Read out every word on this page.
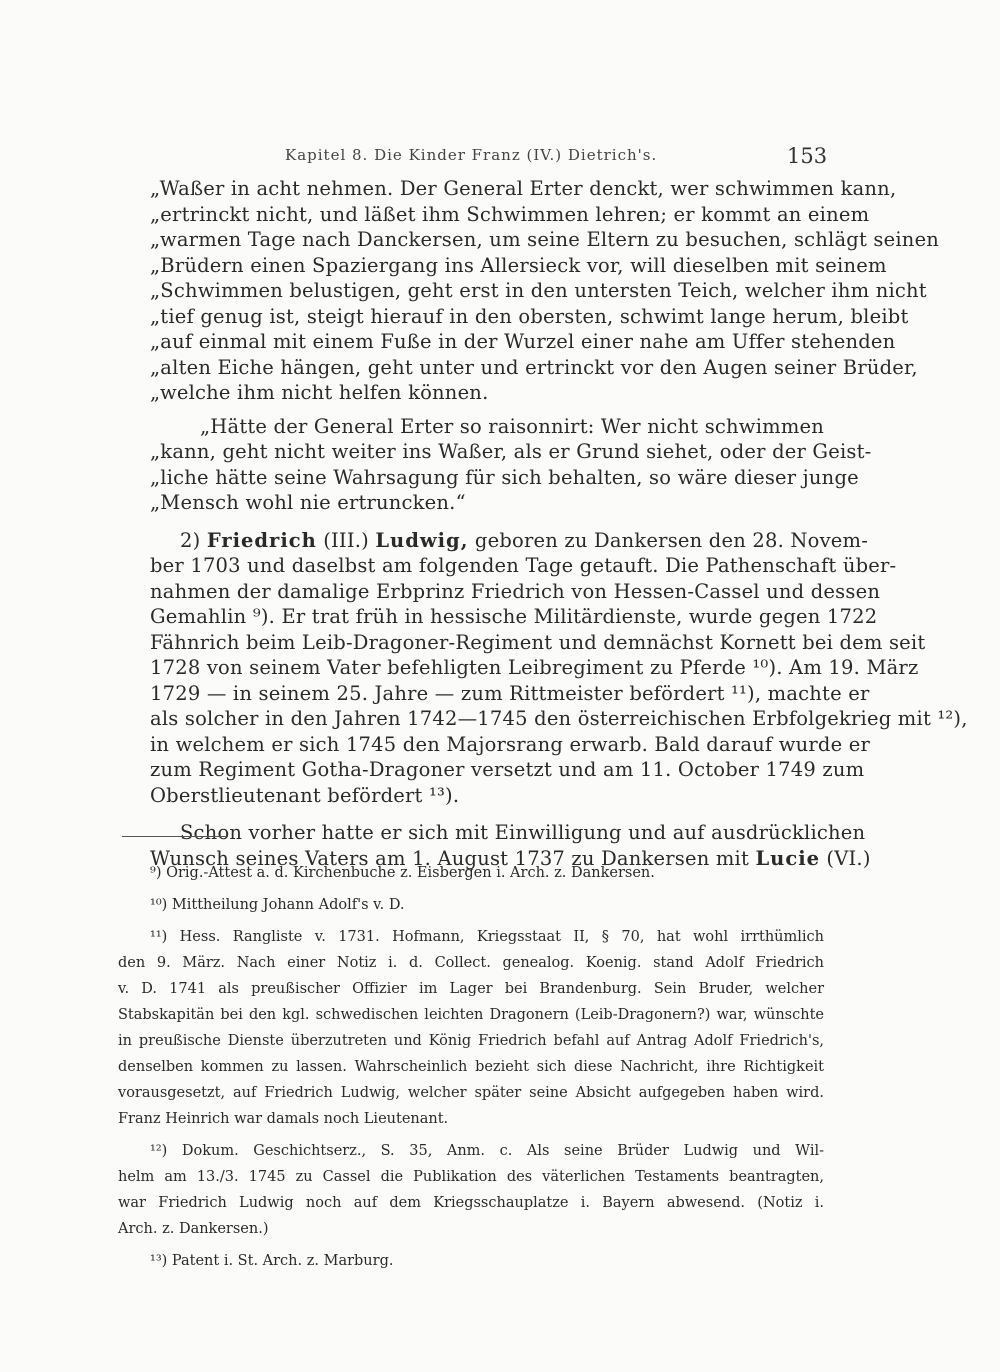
Kapitel 8. Die Kinder Franz (IV.) Dietrich's.	153
„Waßer in acht nehmen. Der General Erter denckt, wer schwimmen kann,
„ertrinckt nicht, und läßet ihm Schwimmen lehren; er kommt an einem
„warmen Tage nach Danckersen, um seine Eltern zu besuchen, schlägt seinen
„Brüdern einen Spaziergang ins Allersieck vor, will dieselben mit seinem
„Schwimmen belustigen, geht erst in den untersten Teich, welcher ihm nicht
„tief genug ist, steigt hierauf in den obersten, schwimt lange herum, bleibt
„auf einmal mit einem Fuße in der Wurzel einer nahe am Uffer stehenden
„alten Eiche hängen, geht unter und ertrinckt vor den Augen seiner Brüder,
„welche ihm nicht helfen können.
„Hätte der General Erter so raisonnirt: Wer nicht schwimmen
„kann, geht nicht weiter ins Waßer, als er Grund siehet, oder der Geist-
„liche hätte seine Wahrsagung für sich behalten, so wäre dieser junge
„Mensch wohl nie ertruncken.“
2) Friedrich (III.) Ludwig, geboren zu Dankersen den 28. Novem-
ber 1703 und daselbst am folgenden Tage getauft. Die Pathenschaft über-
nahmen der damalige Erbprinz Friedrich von Hessen-Cassel und dessen
Gemahlin ⁹). Er trat früh in hessische Militärdienste, wurde gegen 1722
Fähnrich beim Leib-Dragoner-Regiment und demnächst Kornett bei dem seit
1728 von seinem Vater befehligten Leibregiment zu Pferde ¹⁰). Am 19. März
1729 — in seinem 25. Jahre — zum Rittmeister befördert ¹¹), machte er
als solcher in den Jahren 1742—1745 den österreichischen Erbfolgekrieg mit ¹²),
in welchem er sich 1745 den Majorsrang erwarb. Bald darauf wurde er
zum Regiment Gotha-Dragoner versetzt und am 11. October 1749 zum
Oberstlieutenant befördert ¹³).
Schon vorher hatte er sich mit Einwilligung und auf ausdrücklichen
Wunsch seines Vaters am 1. August 1737 zu Dankersen mit Lucie (VI.)
⁹) Orig.-Attest a. d. Kirchenbuche z. Eisbergen i. Arch. z. Dankersen.
¹⁰) Mittheilung Johann Adolf's v. D.
¹¹) Hess. Rangliste v. 1731. Hofmann, Kriegsstaat II, § 70, hat wohl irrthümlich
den 9. März. Nach einer Notiz i. d. Collect. genealog. Koenig. stand Adolf Friedrich
v. D. 1741 als preußischer Offizier im Lager bei Brandenburg. Sein Bruder, welcher
Stabskapitän bei den kgl. schwedischen leichten Dragonern (Leib-Dragonern?) war, wünschte
in preußische Dienste überzutreten und König Friedrich befahl auf Antrag Adolf Friedrich's,
denselben kommen zu lassen. Wahrscheinlich bezieht sich diese Nachricht, ihre Richtigkeit
vorausgesetzt, auf Friedrich Ludwig, welcher später seine Absicht aufgegeben haben wird.
Franz Heinrich war damals noch Lieutenant.
¹²) Dokum. Geschichtserz., S. 35, Anm. c. Als seine Brüder Ludwig und Wil-
helm am 13./3. 1745 zu Cassel die Publikation des väterlichen Testaments beantragten,
war Friedrich Ludwig noch auf dem Kriegsschauplatze i. Bayern abwesend. (Notiz i.
Arch. z. Dankersen.)
¹³) Patent i. St. Arch. z. Marburg.
